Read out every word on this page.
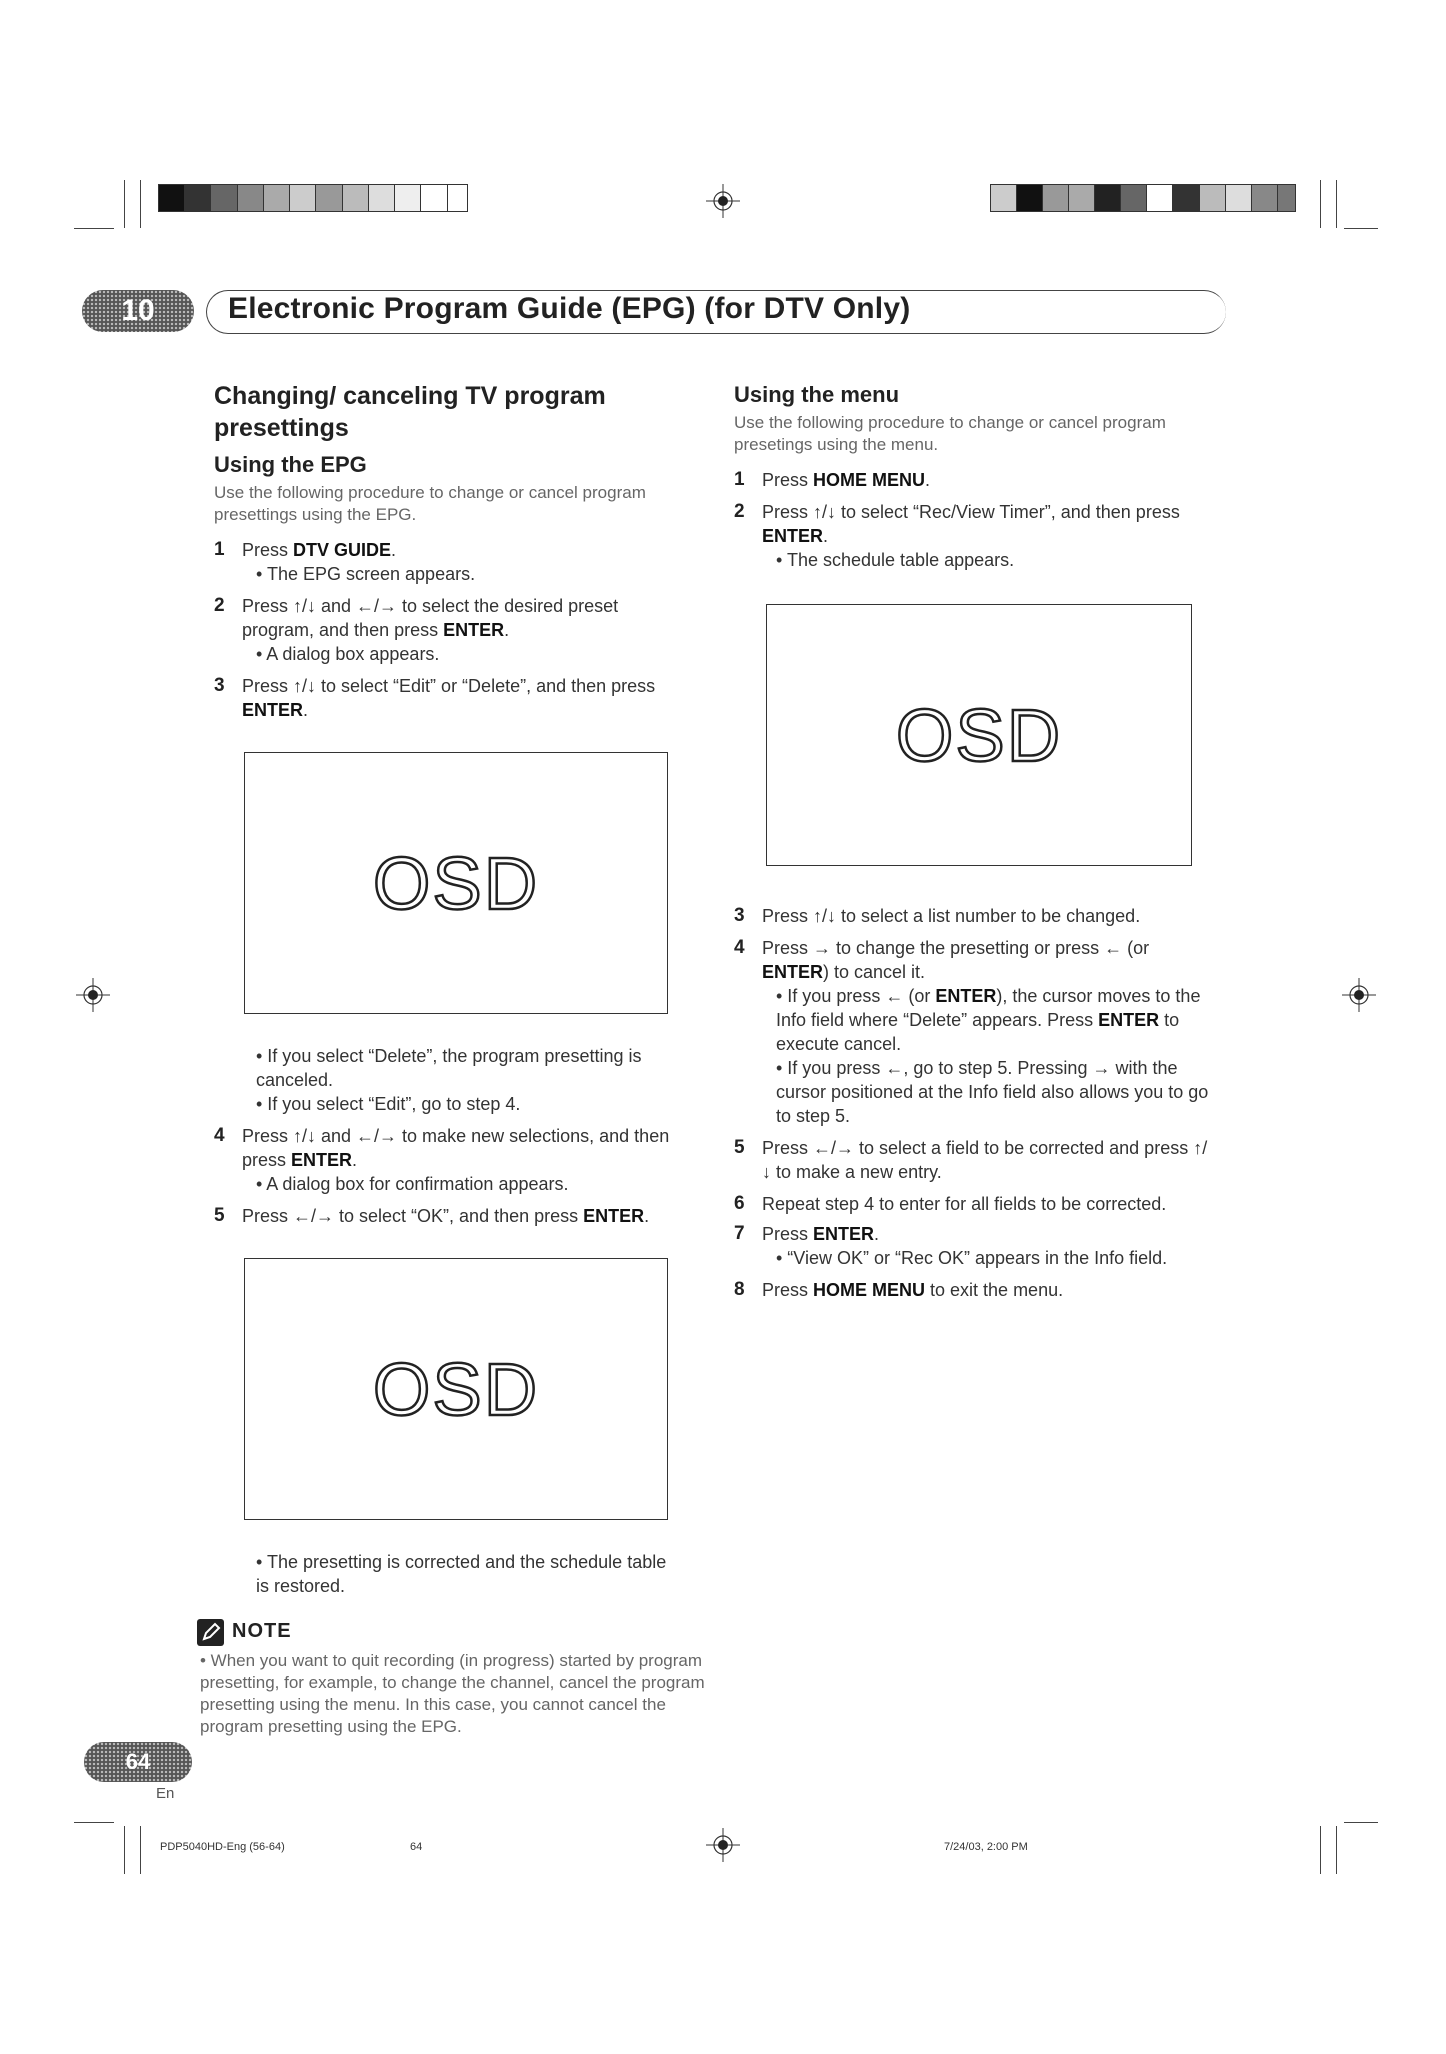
10	Electronic Program Guide (EPG) (for DTV Only)
Changing/ canceling TV program presettings
Using the EPG

Use the following procedure to change or cancel program presettings using the EPG.

1 Press DTV GUIDE.
• The EPG screen appears.
2 Press ↑/↓ and ←/→ to select the desired preset program, and then press ENTER.
• A dialog box appears.
3 Press ↑/↓ to select “Edit” or “Delete”, and then press ENTER.
OSD
• If you select “Delete”, the program presetting is canceled.
• If you select “Edit”, go to step 4.
4 Press ↑/↓ and ←/→ to make new selections, and then press ENTER.
• A dialog box for confirmation appears.
5 Press ←/→ to select “OK”, and then press ENTER.
OSD
• The presetting is corrected and the schedule table is restored.
NOTE
• When you want to quit recording (in progress) started by program presetting, for example, to change the channel, cancel the program presetting using the menu. In this case, you cannot cancel the program presetting using the EPG.
Using the menu

Use the following procedure to change or cancel program presetings using the menu.

1 Press HOME MENU.
2 Press ↑/↓ to select “Rec/View Timer”, and then press ENTER.
• The schedule table appears.
OSD
3 Press ↑/↓ to select a list number to be changed.
4 Press → to change the presetting or press ← (or ENTER) to cancel it.
• If you press ← (or ENTER), the cursor moves to the Info field where “Delete” appears. Press ENTER to execute cancel.
• If you press ←, go to step 5. Pressing → with the cursor positioned at the Info field also allows you to go to step 5.
5 Press ←/→ to select a field to be corrected and press ↑/↓ to make a new entry.
6 Repeat step 4 to enter for all fields to be corrected.
7 Press ENTER.
• “View OK” or “Rec OK” appears in the Info field.
8 Press HOME MENU to exit the menu.
64
En
PDP5040HD-Eng (56-64)	64	7/24/03, 2:00 PM
